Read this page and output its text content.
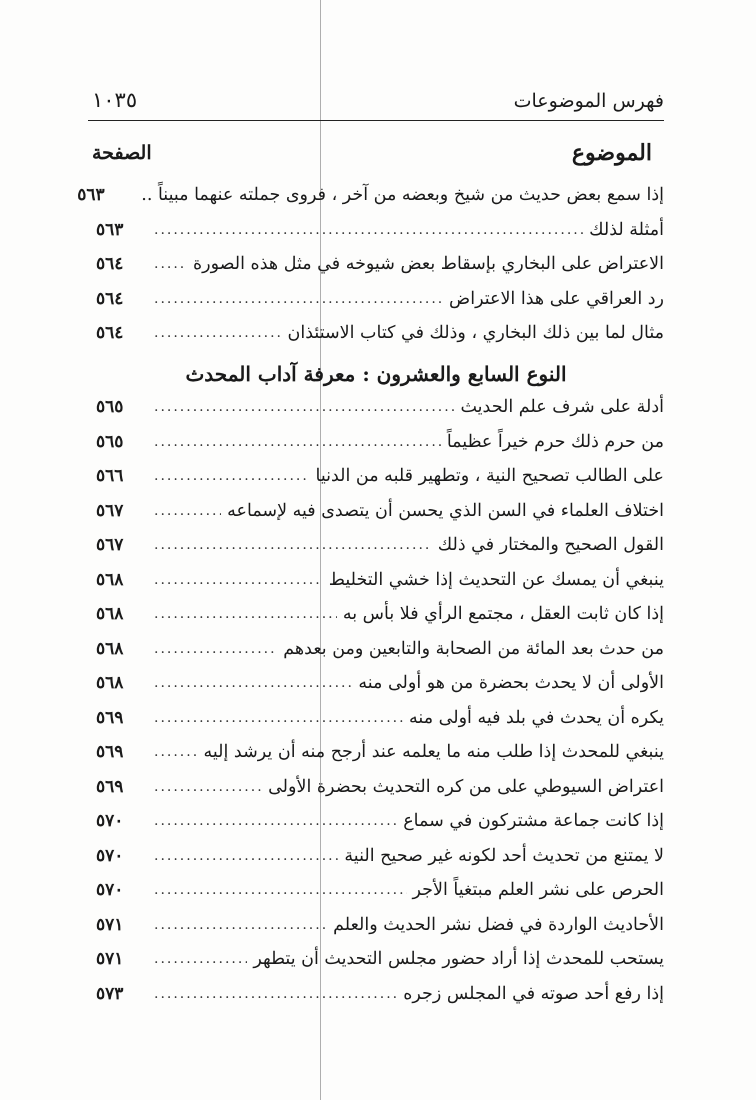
فهرس الموضوعات
١٠٣٥
الموضوع
الصفحة
إذا سمع بعض حديث من شيخ وبعضه من آخر ، فروى جملته عنهما مبيناً ..
٥٦٣
أمثلة لذلك
.....
٥٦٣
الاعتراض على البخاري بإسقاط بعض شيوخه في مثل هذه الصورة
.....
٥٦٤
رد العراقي على هذا الاعتراض
.....
٥٦٤
مثال لما بين ذلك البخاري ، وذلك في كتاب الاستئذان
.....
٥٦٤
النوع السابع والعشرون : معرفة آداب المحدث
أدلة على شرف علم الحديث
.....
٥٦٥
من حرم ذلك حرم خيراً عظيماً
.....
٥٦٥
على الطالب تصحيح النية ، وتطهير قلبه من الدنيا
.....
٥٦٦
اختلاف العلماء في السن الذي يحسن أن يتصدى فيه لإسماعه
.....
٥٦٧
القول الصحيح والمختار في ذلك
.....
٥٦٧
ينبغي أن يمسك عن التحديث إذا خشي التخليط
.....
٥٦٨
إذا كان ثابت العقل ، مجتمع الرأي فلا بأس به
.....
٥٦٨
من حدث بعد المائة من الصحابة والتابعين ومن بعدهم
.....
٥٦٨
الأولى أن لا يحدث بحضرة من هو أولى منه
.....
٥٦٨
يكره أن يحدث في بلد فيه أولى منه
.....
٥٦٩
ينبغي للمحدث إذا طلب منه ما يعلمه عند أرجح منه أن يرشد إليه
.....
٥٦٩
اعتراض السيوطي على من كره التحديث بحضرة الأولى
.....
٥٦٩
إذا كانت جماعة مشتركون في سماع
.....
٥٧٠
لا يمتنع من تحديث أحد لكونه غير صحيح النية
.....
٥٧٠
الحرص على نشر العلم مبتغياً الأجر
.....
٥٧٠
الأحاديث الواردة في فضل نشر الحديث والعلم
.....
٥٧١
يستحب للمحدث إذا أراد حضور مجلس التحديث أن يتطهر
.....
٥٧١
إذا رفع أحد صوته في المجلس زجره
.....
٥٧٣
